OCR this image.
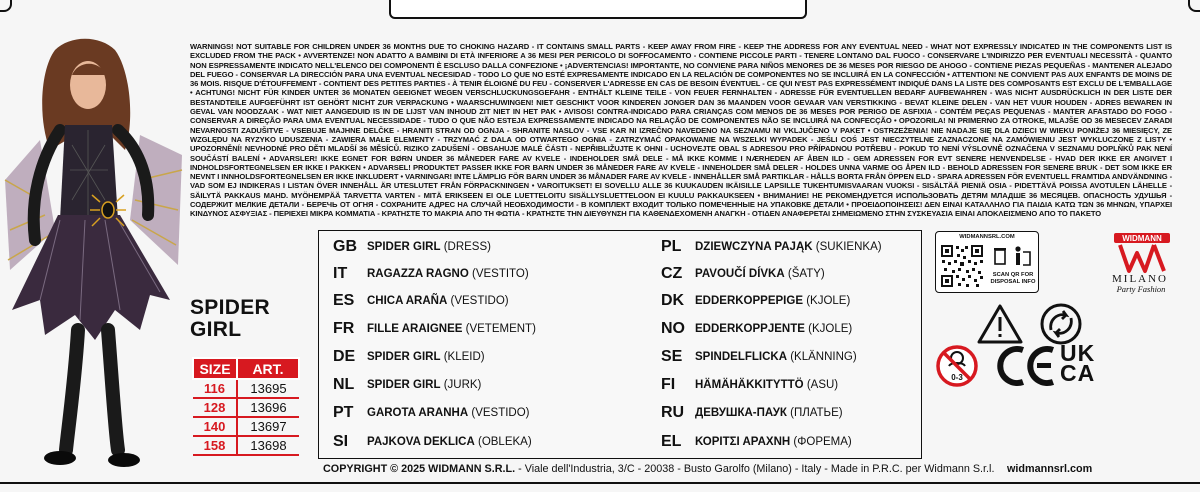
SPIDER
GIRL
SIZE	ART.
116	13695
128	13696
140	13697
158	13698
WARNINGS! NOT SUITABLE FOR CHILDREN UNDER 36 MONTHS DUE TO CHOKING HAZARD - IT CONTAINS SMALL PARTS - KEEP AWAY FROM FIRE - KEEP THE ADDRESS FOR ANY EVENTUAL NEED - WHAT NOT EXPRESSLY INDICATED IN THE COMPONENTS LIST IS EXCLUDED FROM THE PACK • AVVERTENZE! NON ADATTO A BAMBINI DI ETÀ INFERIORE A 36 MESI PER PERICOLO DI SOFFOCAMENTO - CONTIENE PICCOLE PARTI - TENERE LONTANO DAL FUOCO - CONSERVARE L'INDIRIZZO PER EVENTUALI NECESSITÀ - QUANTO NON ESPRESSAMENTE INDICATO NELL'ELENCO DEI COMPONENTI È ESCLUSO DALLA CONFEZIONE • ¡ADVERTENCIAS! IMPORTANTE, NO CONVIENE PARA NIÑOS MENORES DE 36 MESES POR RIESGO DE AHOGO - CONTIENE PIEZAS PEQUEÑAS - MANTENER ALEJADO DEL FUEGO - CONSERVAR LA DIRECCIÓN PARA UNA EVENTUAL NECESIDAD - TODO LO QUE NO ESTÉ EXPRESAMENTE INDICADO EN LA RELACIÓN DE COMPONENTES NO SE INCLUIRÁ EN LA CONFECCIÓN • ATTENTION! NE CONVIENT PAS AUX ENFANTS DE MOINS DE 36 MOIS. RISQUE D'ÉTOUFFEMENT - CONTIENT DES PETITES PARTIES - À TENIR ÉLOIGNÉ DU FEU - CONSERVER L'ADRESSE EN CAS DE BESOIN ÉVENTUEL - CE QUI N'EST PAS EXPRESSÉMENT INDIQUÉ DANS LA LISTE DES COMPOSANTS EST EXCLU DE L'EMBALLAGE • ACHTUNG! NICHT FÜR KINDER UNTER 36 MONATEN GEEIGNET WEGEN VERSCHLUCKUNGSGEFAHR - ENTHÄLT KLEINE TEILE - VON FEUER FERNHALTEN - ADRESSE FÜR EVENTUELLEN BEDARF AUFBEWAHREN - WAS NICHT AUSDRÜCKLICH IN DER LISTE DER BESTANDTEILE AUFGEFÜHRT IST GEHÖRT NICHT ZUR VERPACKUNG • WAARSCHUWINGEN! NIET GESCHIKT VOOR KINDEREN JONGER DAN 36 MAANDEN VOOR GEVAAR VAN VERSTIKKING - BEVAT KLEINE DELEN - VAN HET VUUR HOUDEN - ADRES BEWAREN IN GEVAL VAN NOODZAAK - WAT NIET AANGEDUID IS IN DE LIJST VAN INHOUD ZIT NIET IN HET PAK • AVISOS! CONTRA-INDICADO PARA CRIANÇAS COM MENOS DE 36 MESES POR PERIGO DE ASFIXIA - CONTÉM PEÇAS PEQUENAS - MANTER AFASTADO DO FOGO - CONSERVAR A DIREÇÃO PARA UMA EVENTUAL NECESSIDADE - TUDO O QUE NÃO ESTEJA EXPRESSAMENTE INDICADO NA RELAÇÃO DE COMPONENTES NÃO SE INCLUIRÁ NA CONFECÇÃO • OPOZORILA! NI PRIMERNO ZA OTROKE, MLAJŠE OD 36 MESECEV ZARADI NEVARNOSTI ZADUŠITVE - VSEBUJE MAJHNE DELČKE - HRANITI STRAN OD OGNJA - SHRANITE NASLOV - VSE KAR NI IZREČNO NAVEDENO NA SEZNAMU NI VKLJUČENO V PAKET • OSTRZEŻENIA! NIE NADAJE SIĘ DLA DZIECI W WIEKU PONIŻEJ 36 MIESIĘCY, ZE WZGLĘDU NA RYZYKO UDUSZENIA - ZAWIERA MAŁE ELEMENTY - TRZYMAĆ Z DALA OD OTWARTEGO OGNIA - ZATRZYMAĆ OPAKOWANIE NA WSZELKI WYPADEK - JEŚLI COŚ JEST NIECZYTELNE ZAZNACZONE NA ZAMÓWIENIU JEST WYKLUCZONE Z LISTY • UPOZORNĚNÍ! NEVHODNÉ PRO DĚTI MLADŠÍ 36 MĚSÍCŮ. RIZIKO ZADUŠENÍ - OBSAHUJE MALÉ ČÁSTI - NEPŘIBLIŽUJTE K OHNI - UCHOVEJTE OBAL S ADRESOU PRO PŘÍPADNOU POTŘEBU - POKUD TO NENÍ VÝSLOVNĚ OZNAČENA V SEZNAMU DOPLŇKŮ PAK NENÍ SOUČÁSTÍ BALENÍ • ADVARSLER! IKKE EGNET FOR BØRN UNDER 36 MÅNEDER FARE AV KVELE - INDEHOLDER SMÅ DELE - MÅ IKKE KOMME I NÆRHEDEN AF ÅBEN ILD - GEM ADRESSEN FOR EVT SENERE HENVENDELSE - HVAD DER IKKE ER ANGIVET I INDHOLDSFORTEGNELSEN ER IKKE I PAKKEN • ADVARSEL! PRODUKTET PASSER IKKE FOR BARN UNDER 36 MÅNEDER FARE AV KVELE - INNEHOLDER SMÅ DELER - HOLDES UNNA VARME OG ÅPEN ILD - BEHOLD ADRESSEN FOR SENERE BRUK - DET SOM IKKE ER NEVNT I INNHOLDSFORTEGNELSEN ER IKKE INKLUDERT • VARNINGAR! INTE LÄMPLIG FÖR BARN UNDER 36 MÅNADER FARE AV KVELE - INNEHÅLLER SMÅ PARTIKLAR - HÅLLS BORTA FRÅN ÖPPEN ELD - SPARA ADRESSEN FÖR EVENTUELL FRAMTIDA ANDVÄNDNING - VAD SOM EJ INDIKERAS I LISTAN ÖVER INNEHÅLL ÄR UTESLUTET FRÅN FÖRPACKNINGEN • VAROITUKSET! EI SOVELLU ALLE 36 KUUKAUDEN IKÄISILLE LAPSILLE TUKEHTUMISVAARAN VUOKSI - SISÄLTÄÄ PIENIÄ OSIA - PIDETTÄVÄ POISSA AVOTULEN LÄHELLE - SÄILYTÄ PAKKAUS MAHD. MYÖHEMPÄÄ TARVETTA VARTEN - MITÄ ERIKSEEN EI OLE LUETTELOITU SISÄLLYSLUETTELOON EI KUULU PAKKAUKSEEN • ВНИМАНИЕ! НЕ РЕКОМЕНДУЕТСЯ ИСПОЛЬЗОВАТЬ ДЕТЯМ МЛАДШЕ 36 МЕСЯЦЕВ. ОПАСНОСТЬ УДУШЬЯ - СОДЕРЖИТ МЕЛКИЕ ДЕТАЛИ - БЕРЕЧЬ ОТ ОГНЯ - СОХРАНИТЕ АДРЕС НА СЛУЧАЙ НЕОБХОДИМОСТИ - В КОМПЛЕКТ ВХОДИТ ТОЛЬКО ПОМЕЧЕННЫЕ НА УПАКОВКЕ ДЕТАЛИ • ΠΡΟΕΙΔΟΠΟΙΗΣΕΙΣ! ΔΕΝ ΕΙΝΑΙ ΚΑΤΑΛΛΗΛΟ ΓΙΑ ΠΑΙΔΙΑ ΚΑΤΩ ΤΩΝ 36 ΜΗΝΩΝ, ΥΠΑΡΧΕΙ ΚΙΝΔΥΝΟΣ ΑΣΦΥΞΙΑΣ - ΠΕΡΙΕΧΕΙ ΜΙΚΡΑ ΚΟΜΜΑΤΙΑ - ΚΡΑΤΗΣΤΕ ΤΟ ΜΑΚΡΙΑ ΑΠΟ ΤΗ ΦΩΤΙΑ - ΚΡΑΤΗΣΤΕ ΤΗΝ ΔΙΕΥΘΥΝΣΗ ΓΙΑ ΚΑΘΕΝΔΕΧΟΜΕΝΗ ΑΝΑΓΚΗ - ΟΤΙΔΕΝ ΑΝΑΦΕΡΕΤΑΙ ΣΗΜΕΙΩΜΕΝΟ ΣΤΗΝ ΣΥΣΚΕΥΑΣΙΑ ΕΙΝΑΙ ΑΠΟΚΛΕΙΣΜΕΝΟ ΑΠΟ ΤΟ ΠΑΚΕΤΟ
GB SPIDER GIRL (DRESS)
IT	RAGAZZA RAGNO (VESTITO)
ES	CHICA ARAÑA (VESTIDO)
FR	FILLE ARAIGNEE (VETEMENT)
DE	SPIDER GIRL (KLEID)
NL	SPIDER GIRL (JURK)
PT	GAROTA ARANHA (VESTIDO)
SI	PAJKOVA DEKLICA (OBLEKA)
PL	DZIEWCZYNA PAJĄK (SUKIENKA)
CZ	PAVOUČÍ DÍVKA (ŠATY)
DK EDDERKOPPEPIGE (KJOLE)
NO EDDERKOPPJENTE (KJOLE)
SE	SPINDELFLICKA (KLÄNNING)
FI	HÄMÄHÄKKITYTTÖ (ASU)
RU ДЕВУШКА-ПАУК (ПЛАТЬЕ)
EL	ΚΟΡΙΤΣΙ ΑΡΑΧΝΗ (ΦΟΡΕΜΑ)
WIDMANNSRL.COM
SCAN QR FOR
DISPOSAL INFO
WIDMANN
MILANO
Party Fashion
0-3
UK
CA
COPYRIGHT © 2025 WIDMANN S.R.L. - Viale dell'Industria, 3/C - 20038 - Busto Garolfo (Milano) - Italy - Made in P.R.C. per Widmann S.r.l. widmannsrl.com
